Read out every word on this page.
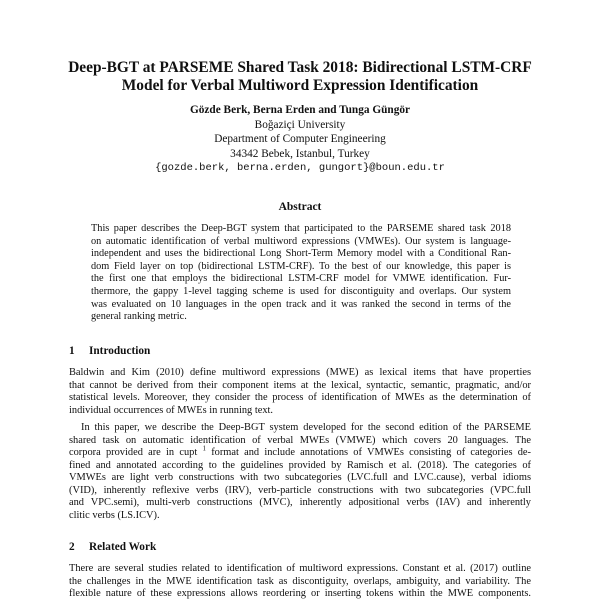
Deep-BGT at PARSEME Shared Task 2018: Bidirectional LSTM-CRF
Model for Verbal Multiword Expression Identification
Gözde Berk, Berna Erden and Tunga Güngör
Boğaziçi University
Department of Computer Engineering
34342 Bebek, Istanbul, Turkey
{gozde.berk, berna.erden, gungort}@boun.edu.tr
Abstract
This paper describes the Deep-BGT system that participated to the PARSEME shared task 2018
on automatic identification of verbal multiword expressions (VMWEs). Our system is language-
independent and uses the bidirectional Long Short-Term Memory model with a Conditional Ran-
dom Field layer on top (bidirectional LSTM-CRF). To the best of our knowledge, this paper is
the first one that employs the bidirectional LSTM-CRF model for VMWE identification. Fur-
thermore, the gappy 1-level tagging scheme is used for discontiguity and overlaps. Our system
was evaluated on 10 languages in the open track and it was ranked the second in terms of the
general ranking metric.
1 Introduction
Baldwin and Kim (2010) define multiword expressions (MWE) as lexical items that have properties
that cannot be derived from their component items at the lexical, syntactic, semantic, pragmatic, and/or
statistical levels. Moreover, they consider the process of identification of MWEs as the determination of
individual occurrences of MWEs in running text.
In this paper, we describe the Deep-BGT system developed for the second edition of the PARSEME
shared task on automatic identification of verbal MWEs (VMWE) which covers 20 languages. The
corpora provided are in cupt $^1$ format and include annotations of VMWEs consisting of categories de-
fined and annotated according to the guidelines provided by Ramisch et al. (2018). The categories of
VMWEs are light verb constructions with two subcategories (LVC.full and LVC.cause), verbal idioms
(VID), inherently reflexive verbs (IRV), verb-particle constructions with two subcategories (VPC.full
and VPC.semi), multi-verb constructions (MVC), inherently adpositional verbs (IAV) and inherently
clitic verbs (LS.ICV).
2 Related Work
There are several studies related to identification of multiword expressions. Constant et al. (2017) outline
the challenges in the MWE identification task as discontiguity, overlaps, ambiguity, and variability. The
flexible nature of these expressions allows reordering or inserting tokens within the MWE components.
